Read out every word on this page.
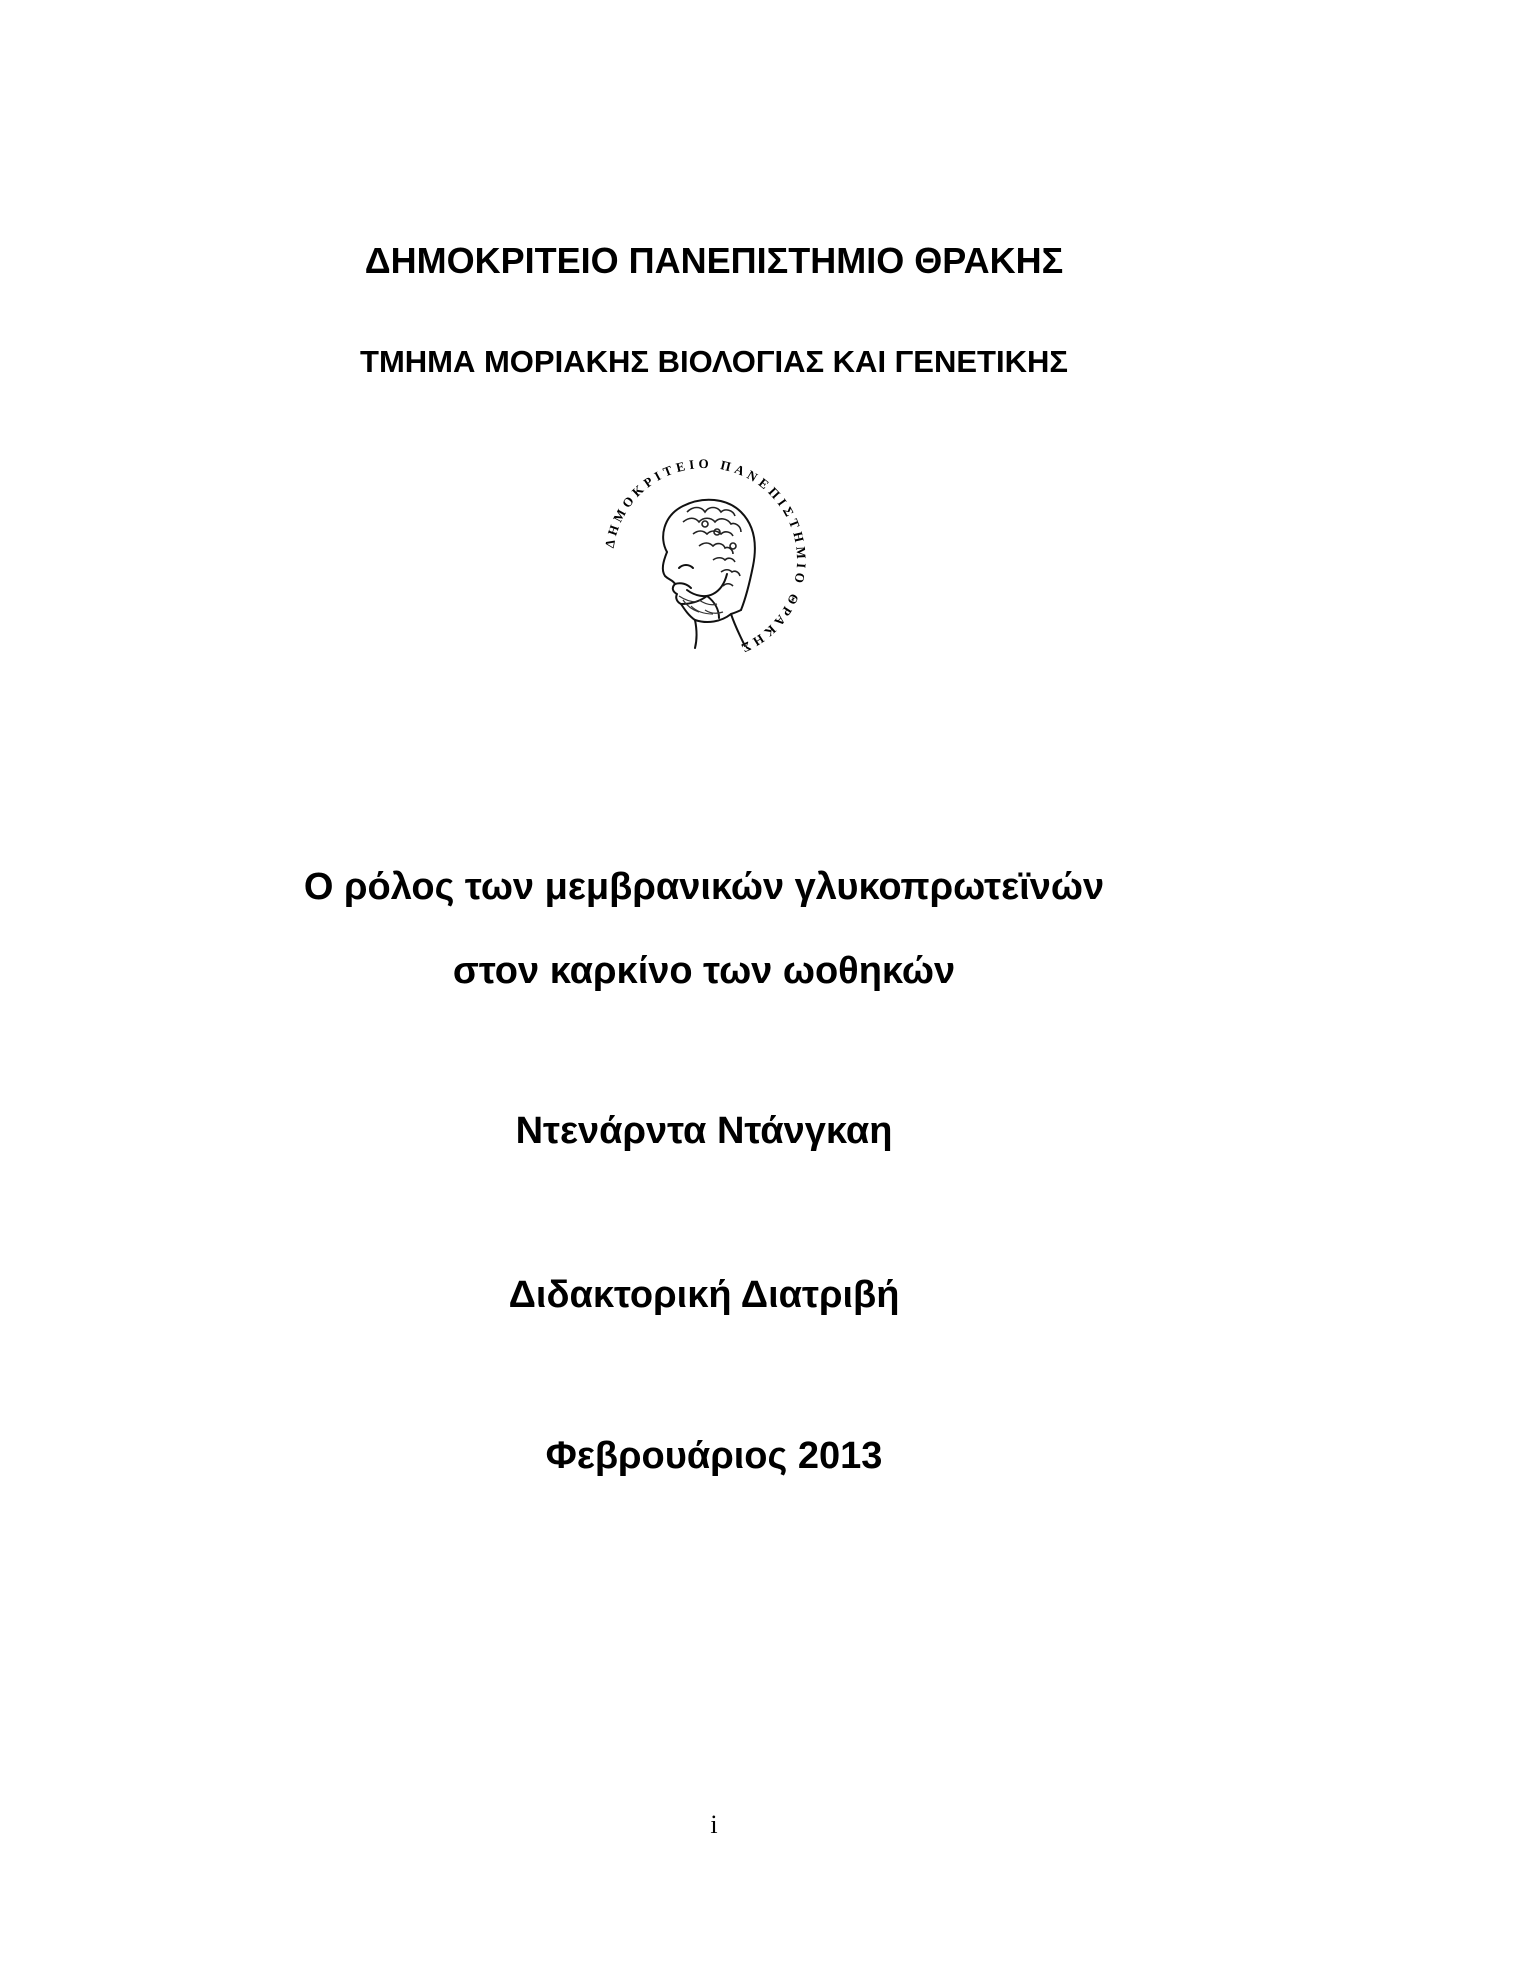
ΔΗΜΟΚΡΙΤΕΙΟ ΠΑΝΕΠΙΣΤΗΜΙΟ ΘΡΑΚΗΣ
ΤΜΗΜΑ ΜΟΡΙΑΚΗΣ ΒΙΟΛΟΓΙΑΣ ΚΑΙ ΓΕΝΕΤΙΚΗΣ
ΔΗΜΟΚΡΙΤΕΙΟ ΠΑΝΕΠΙΣΤΗΜΙΟ ΘΡΑΚΗΣ
Ο ρόλος των μεμβρανικών γλυκοπρωτεϊνών
στον καρκίνο των ωοθηκών
Ντενάρντα Ντάνγκαη
Διδακτορική Διατριβή
Φεβρουάριος 2013
i
